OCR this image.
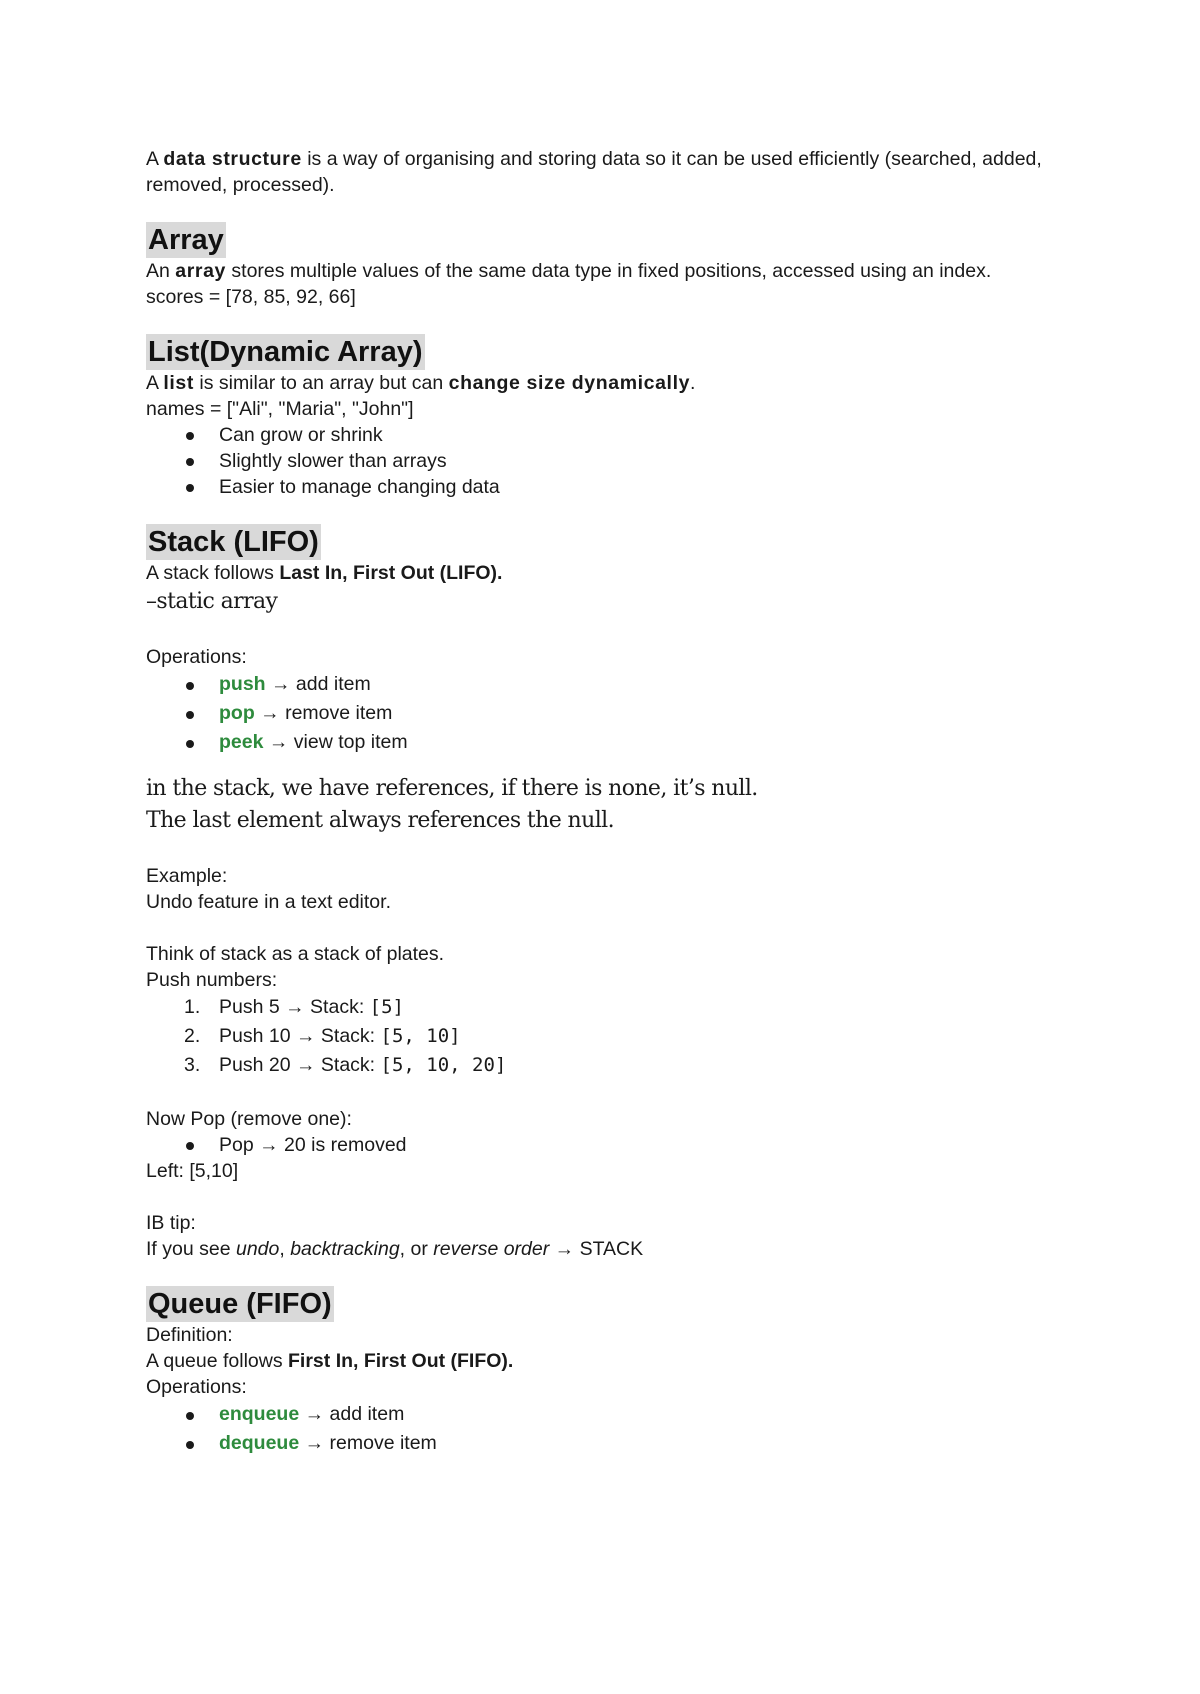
A data structure is a way of organising and storing data so it can be used efficiently (searched, added, removed, processed).

Array

An array stores multiple values of the same data type in fixed positions, accessed using an index.

scores = [78, 85, 92, 66]

List(Dynamic Array)

A list is similar to an array but can change size dynamically.

names = ["Ali", "Maria", "John"]

Can grow or shrink
Slightly slower than arrays
Easier to manage changing data
Stack (LIFO)

A stack follows Last In, First Out (LIFO).

–static array

Operations:

push → add item
pop → remove item
peek → view top item

in the stack, we have references, if there is none, it’s null.

The last element always references the null.

Example:

Undo feature in a text editor.

Think of stack as a stack of plates.

Push numbers:

1. Push 5 → Stack: [5]
2. Push 10 → Stack: [5, 10]
3. Push 20 → Stack: [5, 10, 20]

Now Pop (remove one):

Pop → 20 is removed

Left: [5,10]

IB tip:

If you see undo, backtracking, or reverse order → STACK

Queue (FIFO)

Definition:

A queue follows First In, First Out (FIFO).

Operations:

enqueue → add item
dequeue → remove item
